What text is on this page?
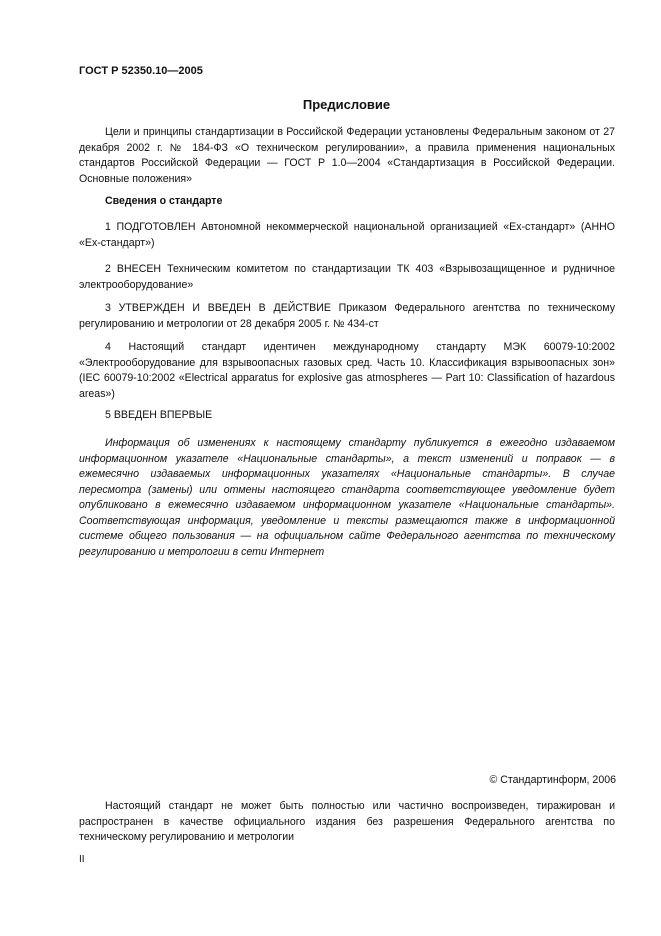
ГОСТ Р 52350.10—2005
Предисловие
Цели и принципы стандартизации в Российской Федерации установлены Федеральным законом от 27 декабря 2002 г. № 184-ФЗ «О техническом регулировании», а правила применения национальных стандартов Российской Федерации — ГОСТ Р 1.0—2004 «Стандартизация в Российской Федерации. Основные положения»
Сведения о стандарте
1 ПОДГОТОВЛЕН Автономной некоммерческой национальной организацией «Ех-стандарт» (АННО «Ех-стандарт»)
2 ВНЕСЕН Техническим комитетом по стандартизации ТК 403 «Взрывозащищенное и рудничное электрооборудование»
3 УТВЕРЖДЕН И ВВЕДЕН В ДЕЙСТВИЕ Приказом Федерального агентства по техническому регулированию и метрологии от 28 декабря 2005 г. № 434-ст
4 Настоящий стандарт идентичен международному стандарту МЭК 60079-10:2002 «Электрооборудование для взрывоопасных газовых сред. Часть 10. Классификация взрывоопасных зон» (IEC 60079-10:2002 «Electrical apparatus for explosive gas atmospheres — Part 10: Classification of hazardous areas»)
5 ВВЕДЕН ВПЕРВЫЕ
Информация об изменениях к настоящему стандарту публикуется в ежегодно издаваемом информационном указателе «Национальные стандарты», а текст изменений и поправок — в ежемесячно издаваемых информационных указателях «Национальные стандарты». В случае пересмотра (замены) или отмены настоящего стандарта соответствующее уведомление будет опубликовано в ежемесячно издаваемом информационном указателе «Национальные стандарты». Соответствующая информация, уведомление и тексты размещаются также в информационной системе общего пользования — на официальном сайте Федерального агентства по техническому регулированию и метрологии в сети Интернет
© Стандартинформ, 2006
Настоящий стандарт не может быть полностью или частично воспроизведен, тиражирован и распространен в качестве официального издания без разрешения Федерального агентства по техническому регулированию и метрологии
II
